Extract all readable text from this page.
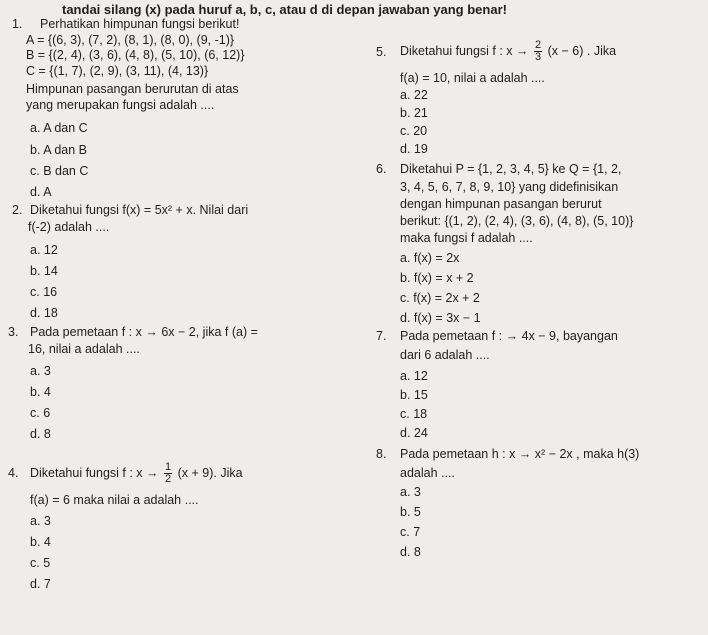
tandai silang (x) pada huruf a, b, c, atau d di depan jawaban yang benar!
1. Perhatikan himpunan fungsi berikut!
A = {(6, 3), (7, 2), (8, 1), (8, 0), (9, -1)}
B = {(2, 4), (3, 6), (4, 8), (5, 10), (6, 12)}
C = {(1, 7), (2, 9), (3, 11), (4, 13)}
Himpunan pasangan berurutan di atas
yang merupakan fungsi adalah ....
a. A dan C
b. A dan B
c. B dan C
d. A
2. Diketahui fungsi f(x) = 5x² + x. Nilai dari
f(-2) adalah ....
a. 12
b. 14
c. 16
d. 18
3. Pada pemetaan f : x → 6x − 2, jika f (a) =
16, nilai a adalah ....
a. 3
b. 4
c. 6
d. 8
4. Diketahui fungsi f : $x \to \frac{1}{2} (x + 9)$. Jika
f(a) = 6 maka nilai a adalah ....
a. 3
b. 4
c. 5
d. 7
5. Diketahui fungsi f : $x \to \frac{2}{3} (x - 6)$ . Jika
f(a) = 10, nilai a adalah ....
a. 22
b. 21
c. 20
d. 19
6. Diketahui P = {1, 2, 3, 4, 5} ke Q = {1, 2,
3, 4, 5, 6, 7, 8, 9, 10} yang didefinisikan
dengan himpunan pasangan berurut
berikut: {(1, 2), (2, 4), (3, 6), (4, 8), (5, 10)}
maka fungsi f adalah ....
a. f(x) = 2x
b. f(x) = x + 2
c. f(x) = 2x + 2
d. f(x) = 3x − 1
7. Pada pemetaan f : → 4x − 9, bayangan
dari 6 adalah ....
a. 12
b. 15
c. 18
d. 24
8. Pada pemetaan h : x → x² − 2x , maka h(3)
adalah ....
a. 3
b. 5
c. 7
d. 8
